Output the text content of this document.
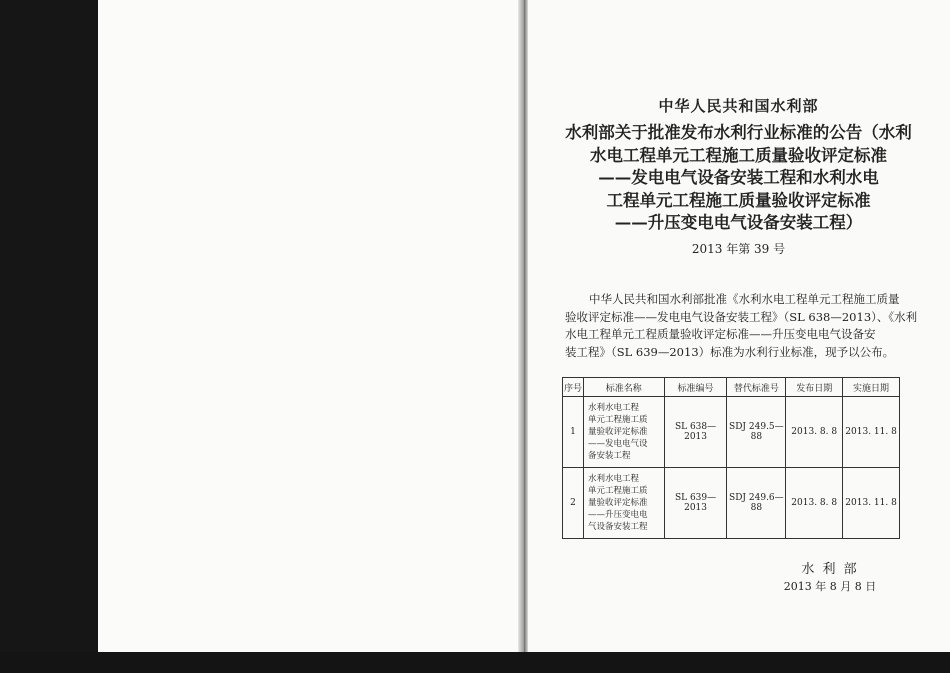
中华人民共和国水利部
水利部关于批准发布水利行业标准的公告（水利
水电工程单元工程施工质量验收评定标准
——发电电气设备安装工程和水利水电
工程单元工程施工质量验收评定标准
——升压变电电气设备安装工程）
2013 年第 39 号
中华人民共和国水利部批准《水利水电工程单元工程施工质量
验收评定标准——发电电气设备安装工程》（SL 638—2013）、《水利
水电工程单元工程质量验收评定标准——升压变电电气设备安
装工程》（SL 639—2013）标准为水利行业标准，现予以公布。
序号	标准名称	标准编号	替代标准号	发布日期	实施日期
1	水利水电工程
单元工程施工质
量验收评定标准
——发电电气设
备安装工程	SL 638—2013	SDJ 249.5—88	2013. 8. 8	2013. 11. 8
2	水利水电工程
单元工程施工质
量验收评定标准
——升压变电电
气设备安装工程	SL 639—2013	SDJ 249.6—88	2013. 8. 8	2013. 11. 8
水 利 部
2013 年 8 月 8 日
